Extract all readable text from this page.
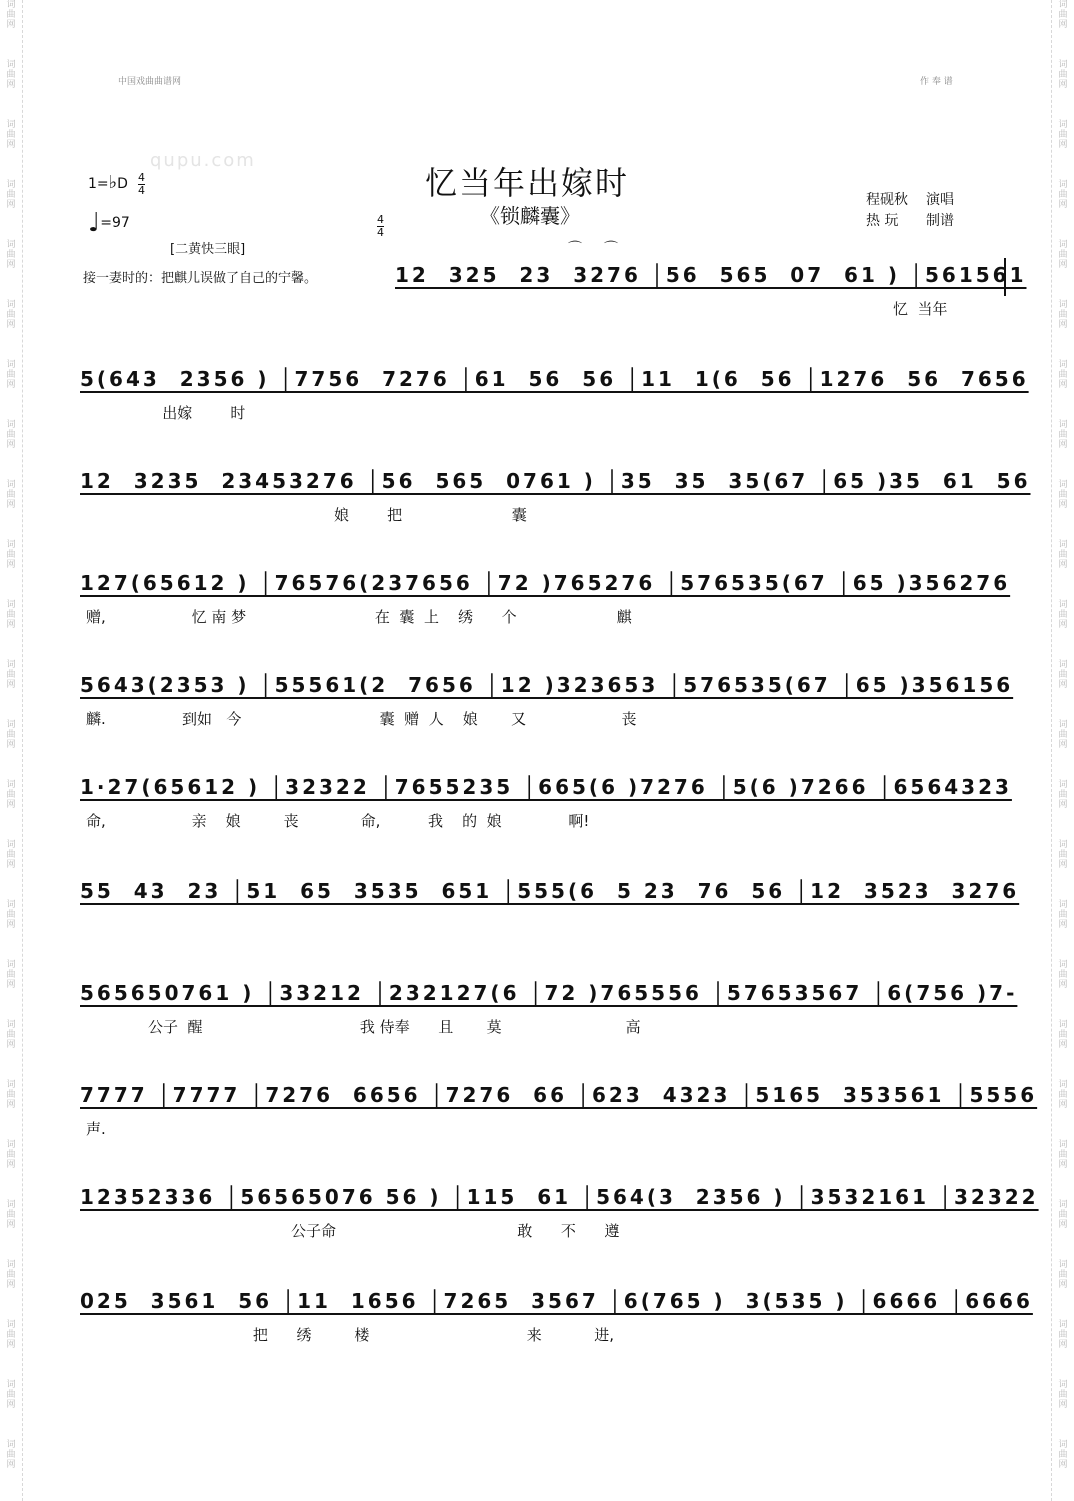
词
曲
网

词
曲
网

词
曲
网

词
曲
网

词
曲
网

词
曲
网

词
曲
网

词
曲
网

词
曲
网

词
曲
网

词
曲
网

词
曲
网

词
曲
网

词
曲
网

词
曲
网

词
曲
网

词
曲
网

词
曲
网

词
曲
网

词
曲
网

词
曲
网

词
曲
网

词
曲
网

词
曲
网

词
曲
网
词
曲
网

词
曲
网

词
曲
网

词
曲
网

词
曲
网

词
曲
网

词
曲
网

词
曲
网

词
曲
网

词
曲
网

词
曲
网

词
曲
网

词
曲
网

词
曲
网

词
曲
网

词
曲
网

词
曲
网

词
曲
网

词
曲
网

词
曲
网

词
曲
网

词
曲
网

词
曲
网

词
曲
网

词
曲
网
中国戏曲曲谱网	作 奉 谱
qupu.com
忆当年出嫁时
《锁麟囊》
程砚秋 演唱
热 玩 制谱
1=♭D 4
4
♩=97
[二黄快三眼]
接一妻时的：把麒儿误做了自己的宁馨。
4
4
⌒ ⌒
12  325  23  3276 │56  565  07  61 ) │561561
忆  当年
5(643  2356 ) │7756  7276 │61  56  56 │11  1(6  56 │1276  56  7656
出嫁        时
12  3235  23453276 │56  565  0761 ) │35  35  35(67 │65 )35  61  56
娘        把                       囊
127(65612 ) │76576(237656 │72 )765276 │576535(67 │65 )356276
赠,                  忆 南 梦                           在  囊  上    绣      个                     麒
5643(2353 ) │55561(2  7656 │12 )323653 │576535(67 │65 )356156
麟.                到如   今                             囊  赠  人    娘       又                    丧
1·27(65612 ) │32322 │7655235 │665(6 )7276 │5(6 )7266 │6564323
命,                  亲    娘         丧             命,          我    的  娘              啊!
55  43  23 │51  65  3535  651 │555(6  5 23  76  56 │12  3523  3276
565650761 ) │33212 │232127(6 │72 )765556 │57653567 │6(756 )7-
公子  醒                                 我 侍奉      且       莫                          高
7777 │7777 │7276  6656 │7276  66 │623  4323 │5165  353561 │5556
声.
12352336 │56565076 56 ) │115  61 │564(3  2356 ) │3532161 │32322
公子命                                      敢      不      遵
025  3561  56 │11  1656 │7265  3567 │6(765 )  3(535 ) │6666 │6666
把      绣         楼                                 来           进,
